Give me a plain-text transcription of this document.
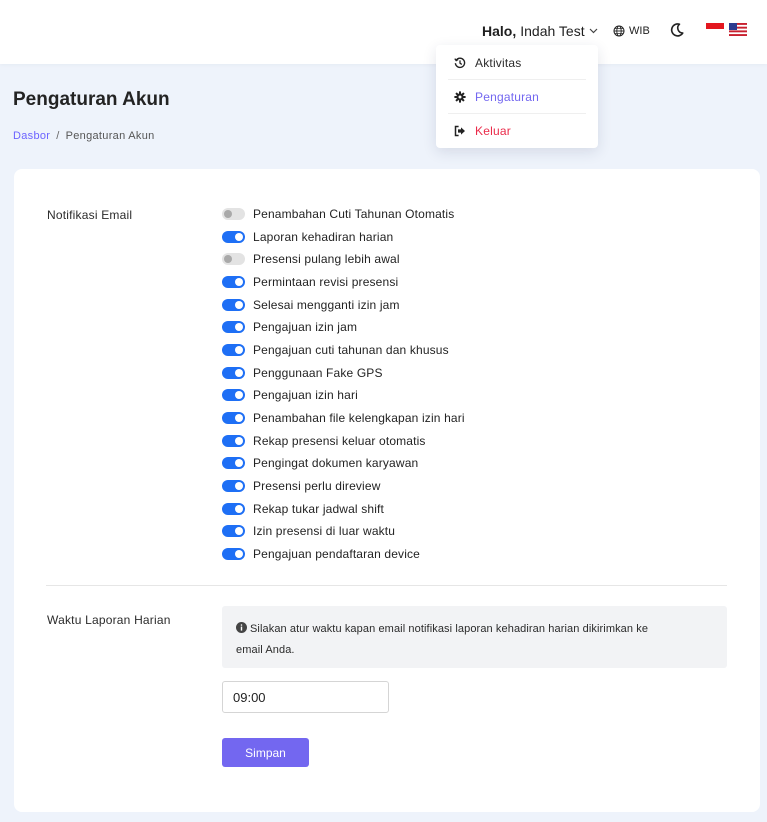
Halo, Indah Test	WIB
Aktivitas
Pengaturan
Keluar
Pengaturan Akun
Dasbor / Pengaturan Akun
Notifikasi Email	Penambahan Cuti Tahunan Otomatis
Laporan kehadiran harian
Presensi pulang lebih awal
Permintaan revisi presensi
Selesai mengganti izin jam
Pengajuan izin jam
Pengajuan cuti tahunan dan khusus
Penggunaan Fake GPS
Pengajuan izin hari
Penambahan file kelengkapan izin hari
Rekap presensi keluar otomatis
Pengingat dokumen karyawan
Presensi perlu direview
Rekap tukar jadwal shift
Izin presensi di luar waktu
Pengajuan pendaftaran device
Waktu Laporan Harian
Silakan atur waktu kapan email notifikasi laporan kehadiran harian dikirimkan ke
email Anda.
09:00
Simpan
